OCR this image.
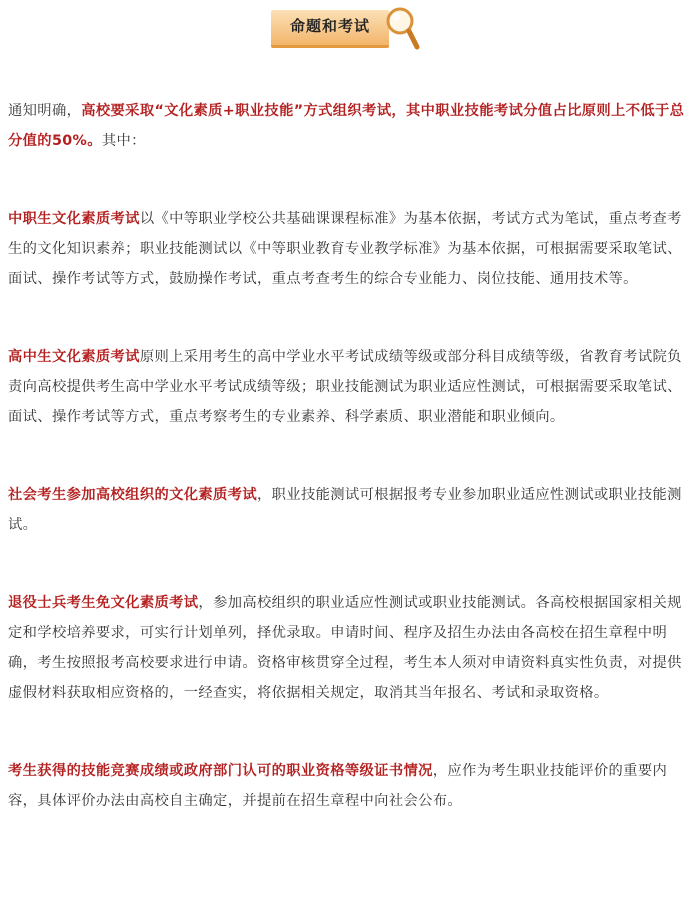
命题和考试

通知明确，高校要采取“文化素质+职业技能”方式组织考试，其中职业技能考试分值占比原则上不低于总分值的50%。其中：

中职生文化素质考试以《中等职业学校公共基础课课程标准》为基本依据，考试方式为笔试，重点考查考生的文化知识素养；职业技能测试以《中等职业教育专业教学标准》为基本依据，可根据需要采取笔试、面试、操作考试等方式，鼓励操作考试，重点考查考生的综合专业能力、岗位技能、通用技术等。

高中生文化素质考试原则上采用考生的高中学业水平考试成绩等级或部分科目成绩等级，省教育考试院负责向高校提供考生高中学业水平考试成绩等级；职业技能测试为职业适应性测试，可根据需要采取笔试、面试、操作考试等方式，重点考察考生的专业素养、科学素质、职业潜能和职业倾向。

社会考生参加高校组织的文化素质考试，职业技能测试可根据报考专业参加职业适应性测试或职业技能测试。

退役士兵考生免文化素质考试，参加高校组织的职业适应性测试或职业技能测试。各高校根据国家相关规定和学校培养要求，可实行计划单列，择优录取。申请时间、程序及招生办法由各高校在招生章程中明确，考生按照报考高校要求进行申请。资格审核贯穿全过程，考生本人须对申请资料真实性负责，对提供虚假材料获取相应资格的，一经查实，将依据相关规定，取消其当年报名、考试和录取资格。

考生获得的技能竞赛成绩或政府部门认可的职业资格等级证书情况，应作为考生职业技能评价的重要内容，具体评价办法由高校自主确定，并提前在招生章程中向社会公布。
